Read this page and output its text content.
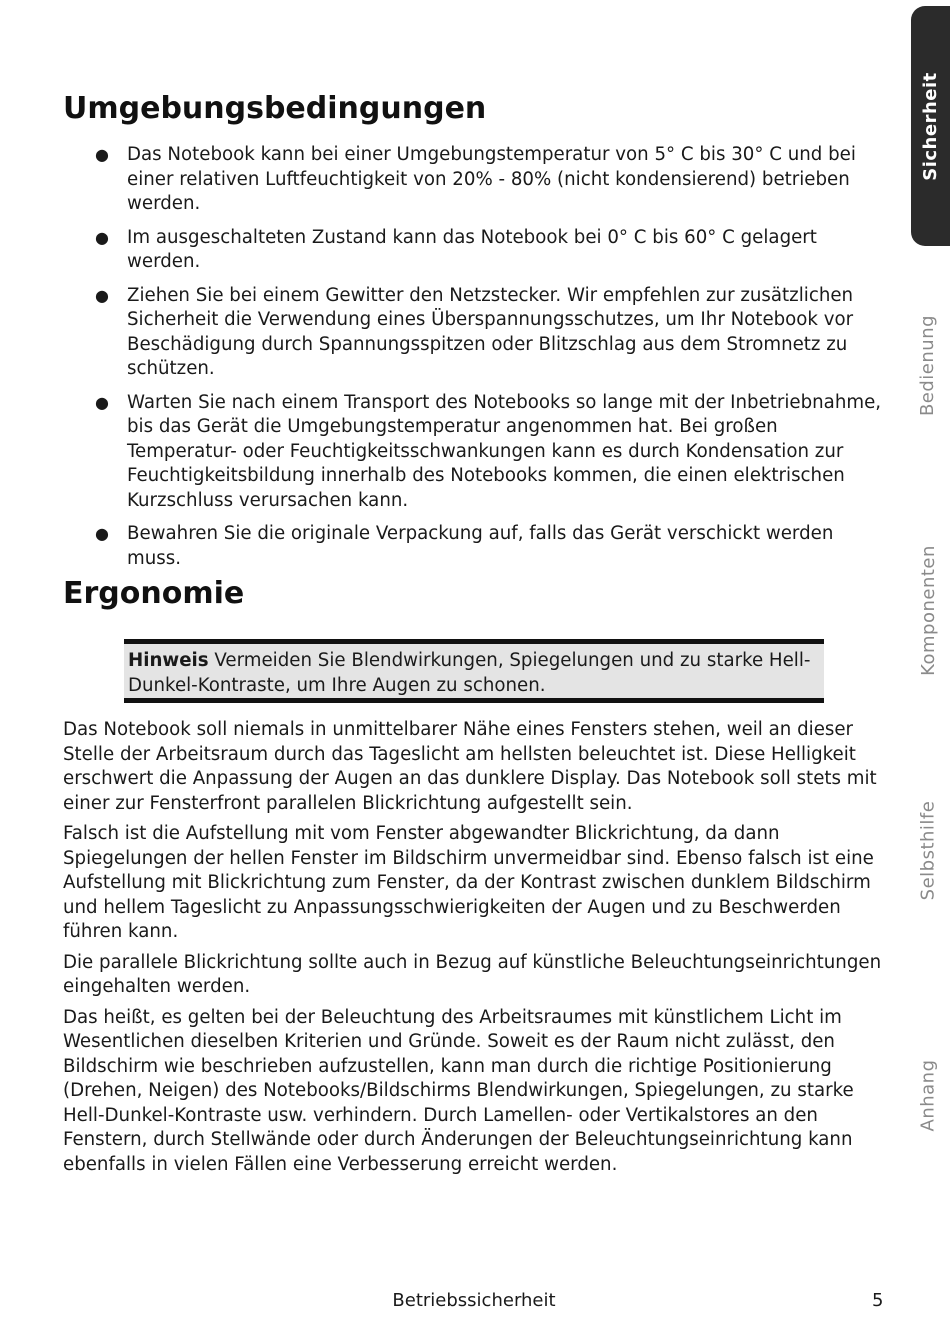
Umgebungsbedingungen
● Das Notebook kann bei einer Umgebungstemperatur von 5° C bis 30° C und bei einer relativen Luftfeuchtigkeit von 20% - 80% (nicht kondensierend) betrieben werden.
● Im ausgeschalteten Zustand kann das Notebook bei 0° C bis 60° C gelagert werden.
● Ziehen Sie bei einem Gewitter den Netzstecker. Wir empfehlen zur zusätzlichen Sicherheit die Verwendung eines Überspannungsschutzes, um Ihr Notebook vor Beschädigung durch Spannungsspitzen oder Blitzschlag aus dem Stromnetz zu schützen.
● Warten Sie nach einem Transport des Notebooks so lange mit der Inbetriebnahme, bis das Gerät die Umgebungstemperatur angenommen hat. Bei großen Temperatur- oder Feuchtigkeitsschwankungen kann es durch Kondensation zur Feuchtigkeitsbildung innerhalb des Notebooks kommen, die einen elektrischen Kurzschluss verursachen kann.
● Bewahren Sie die originale Verpackung auf, falls das Gerät verschickt werden muss.
Ergonomie
Hinweis Vermeiden Sie Blendwirkungen, Spiegelungen und zu starke Hell-Dunkel-Kontraste, um Ihre Augen zu schonen.

Das Notebook soll niemals in unmittelbarer Nähe eines Fensters stehen, weil an dieser Stelle der Arbeitsraum durch das Tageslicht am hellsten beleuchtet ist. Diese Helligkeit erschwert die Anpassung der Augen an das dunklere Display. Das Notebook soll stets mit einer zur Fensterfront parallelen Blickrichtung aufgestellt sein.

Falsch ist die Aufstellung mit vom Fenster abgewandter Blickrichtung, da dann Spiegelungen der hellen Fenster im Bildschirm unvermeidbar sind. Ebenso falsch ist eine Aufstellung mit Blickrichtung zum Fenster, da der Kontrast zwischen dunklem Bildschirm und hellem Tageslicht zu Anpassungsschwierigkeiten der Augen und zu Beschwerden führen kann.

Die parallele Blickrichtung sollte auch in Bezug auf künstliche Beleuchtungseinrichtungen eingehalten werden.

Das heißt, es gelten bei der Beleuchtung des Arbeitsraumes mit künstlichem Licht im Wesentlichen dieselben Kriterien und Gründe. Soweit es der Raum nicht zulässt, den Bildschirm wie beschrieben aufzustellen, kann man durch die richtige Positionierung (Drehen, Neigen) des Notebooks/Bildschirms Blendwirkungen, Spiegelungen, zu starke Hell-Dunkel-Kontraste usw. verhindern. Durch Lamellen- oder Vertikalstores an den Fenstern, durch Stellwände oder durch Änderungen der Beleuchtungseinrichtung kann ebenfalls in vielen Fällen eine Verbesserung erreicht werden.

Betriebssicherheit	5
Sicherheit
Bedienung
Komponenten
Selbsthilfe
Anhang
